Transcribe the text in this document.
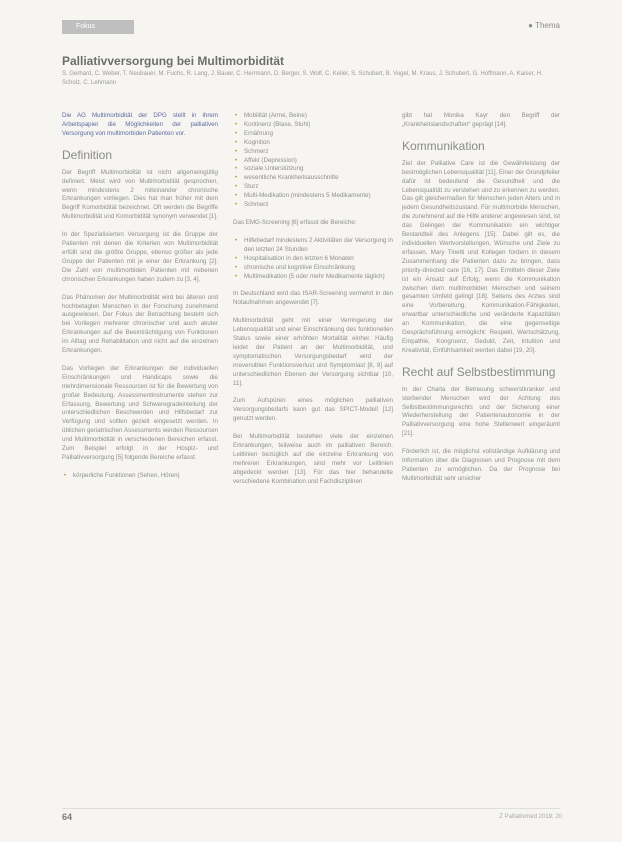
Fokus	● Thema
Palliativversorgung bei Multimorbidität
S. Gerhard, C. Weber, T. Neubauer, M. Fuchs, R. Lang, J. Bauer, C. Herrmann, D. Berger, S. Wolf, C. Keller, S. Schubert, B. Vogel, M. Kraus, J. Schubert, G. Hoffmann, A. Kaiser, H. Scholz, C. Lehmann

Die AG Multimorbidität der DPG stellt in ihrem Arbeitspapier die Möglichkeiten der palliativen Versorgung von multimorbiden Patienten vor.

Definition

Der Begriff Multimorbidität ist nicht allgemeingültig definiert. Meist wird von Multimorbidität gesprochen, wenn mindestens 2 miteinander chronische Erkrankungen vorliegen. Dies hat man früher mit dem Begriff Komorbidität bezeichnet. Oft werden die Begriffe Multimorbidität und Komorbidität synonym verwendet [1].

In der Spezialisierten Versorgung ist die Gruppe der Patienten mit denen die Kriterien von Multimorbidität erfüllt sind die größte Gruppe, ebenso größer als jede Gruppe der Patienten mit je einer der Erkrankung [2]. Die Zahl von multimorbiden Patienten mit nebenen chronischen Erkrankungen haben zudem zu [3, 4].

Das Phänomen der Multimorbidität wird bei älteren und hochbetagten Menschen in der Forschung zunehmend ausgewiesen. Der Fokus der Betrachtung besteht sich bei Vorliegen mehrerer chronischer und auch akuter Erkrankungen auf die Beeinträchtigung von Funktionen im Alltag und Rehabilitation und nicht auf die einzelnen Erkrankungen.

Das Vorliegen der Erkrankungen der individuellen Einschränkungen und Handicaps sowie die mehrdimensionale Ressourcen ist für die Bewertung von großer Bedeutung. Assessmentinstrumente stehen zur Erfassung, Bewertung und Schweregradeinteilung der unterschiedlichen Beschwerden und Hilfsbedarf zur Verfügung und sollten gezielt eingesetzt werden. In üblichen geriatrischen Assessments werden Ressourcen und Multimorbidität in verschiedenen Bereichen erfasst. Zum Beispiel erfolgt in der Hospiz- und Palliativversorgung [5] folgende Bereiche erfasst:

• körperliche Funktionen (Sehen, Hören)
• Mobilität (Arme, Beine)
• Kontinenz (Blase, Stuhl)
• Ernährung
• Kognition
• Schmerz
• Affekt (Depression)
• soziale Unterstützung
• wesentliche Krankheitsausschnitte
• Sturz
• Multi-Medikation (mindestens 5 Medikamente)
• Schmerz

Das EMG-Screening [6] erfasst die Bereiche:

• Hilfebedarf mindestens 2 Aktivitäten der Versorgung in den letzten 24 Stunden
• Hospitalisation in den letzten 6 Monaten
• chronische und kognitive Einschränkung
• Multimedikation (5 oder mehr Medikamente täglich)

In Deutschland wird das ISAR-Screening vermehrt in den Notaufnahmen angewendet [7].

Multimorbidität geht mit einer Verringerung der Lebensqualität und einer Einschränkung des funktionellen Status sowie einer erhöhten Mortalität einher. Häufig leidet der Patient an der Multimorbidität, und symptomatischen Versorgungsbedarf wird der irreversiblen Funktionsverlust und Symptomlast [8, 9] auf unterschiedlichen Ebenen der Versorgung sichtbar [10, 11].

Zum Aufspüren eines möglichen palliativen Versorgungsbedarfs kann gut das SPICT-Modell [12] genutzt werden.

Bei Multimorbidität bestehen viele der einzelnen Erkrankungen, teilweise auch im palliativen Bereich. Leitlinien bezüglich auf die einzelne Erkrankung von mehreren Erkrankungen, sind mehr vor Leitlinien abgedeckt werden [13]. Für das hier behandelte verschiedene Kombination und Fachdisziplinen

gibt hat Monika Kayr den Begriff der „Krankheitslandschaften“ geprägt [14].

Kommunikation

Ziel der Palliative Care ist die Gewährleistung der bestmöglichen Lebensqualität [11]. Einer der Grundpfeiler dafür ist bedeutend die Gesundheit und die Lebensqualität zu verstehen und zu erkennen zu werden. Das gilt gleichermaßen für Menschen jeden Alters und in jedem Gesundheitszustand. Für multimorbide Menschen, die zunehmend auf die Hilfe anderer angewiesen sind, ist das Gelingen der Kommunikation ein wichtiger Bestandteil des Anlegens [15]. Dabei gilt es, die individuellen Wertvorstellungen, Wünsche und Ziele zu erfassen. Mary Tinetti und Kollegen fordern in diesem Zusammenhang die Patienten dazu zu bringen, dass priority-directed care [16, 17]. Das Ermitteln dieser Ziele ist ein Ansatz auf Erfolg, wenn die Kommunikation zwischen dem multimorbiden Menschen und seinem gesamten Umfeld gelingt [18]. Seitens des Arztes sind eine Vorbereitung, Kommunikation-Fähigkeiten, erwartbar unterschiedliche und veränderte Kapazitäten an Kommunikation, die eine gegenseitige Gesprächsführung ermöglicht: Respekt, Wertschätzung, Empathie, Kongruenz, Geduld, Zeit, Intuition und Kreativität, Einfühlsamkeit werden dabei [19, 20].

Recht auf Selbstbestimmung

In der Charta der Betreuung schwerstkranker und sterbender Menschen wird der Achtung des Selbstbestimmungsrechts und der Sicherung einer Wiederherstellung der Patientenautonomie in der Palliativversorgung eine hohe Stellenwert eingeräumt [21].

Förderlich ist, die möglichst vollständige Aufklärung und Information über die Diagnosen und Prognose mit dem Patienten zu ermöglichen. Da der Prognose bei Multimorbidität sehr unsicher

64	Z Palliativmed 2019; 20
